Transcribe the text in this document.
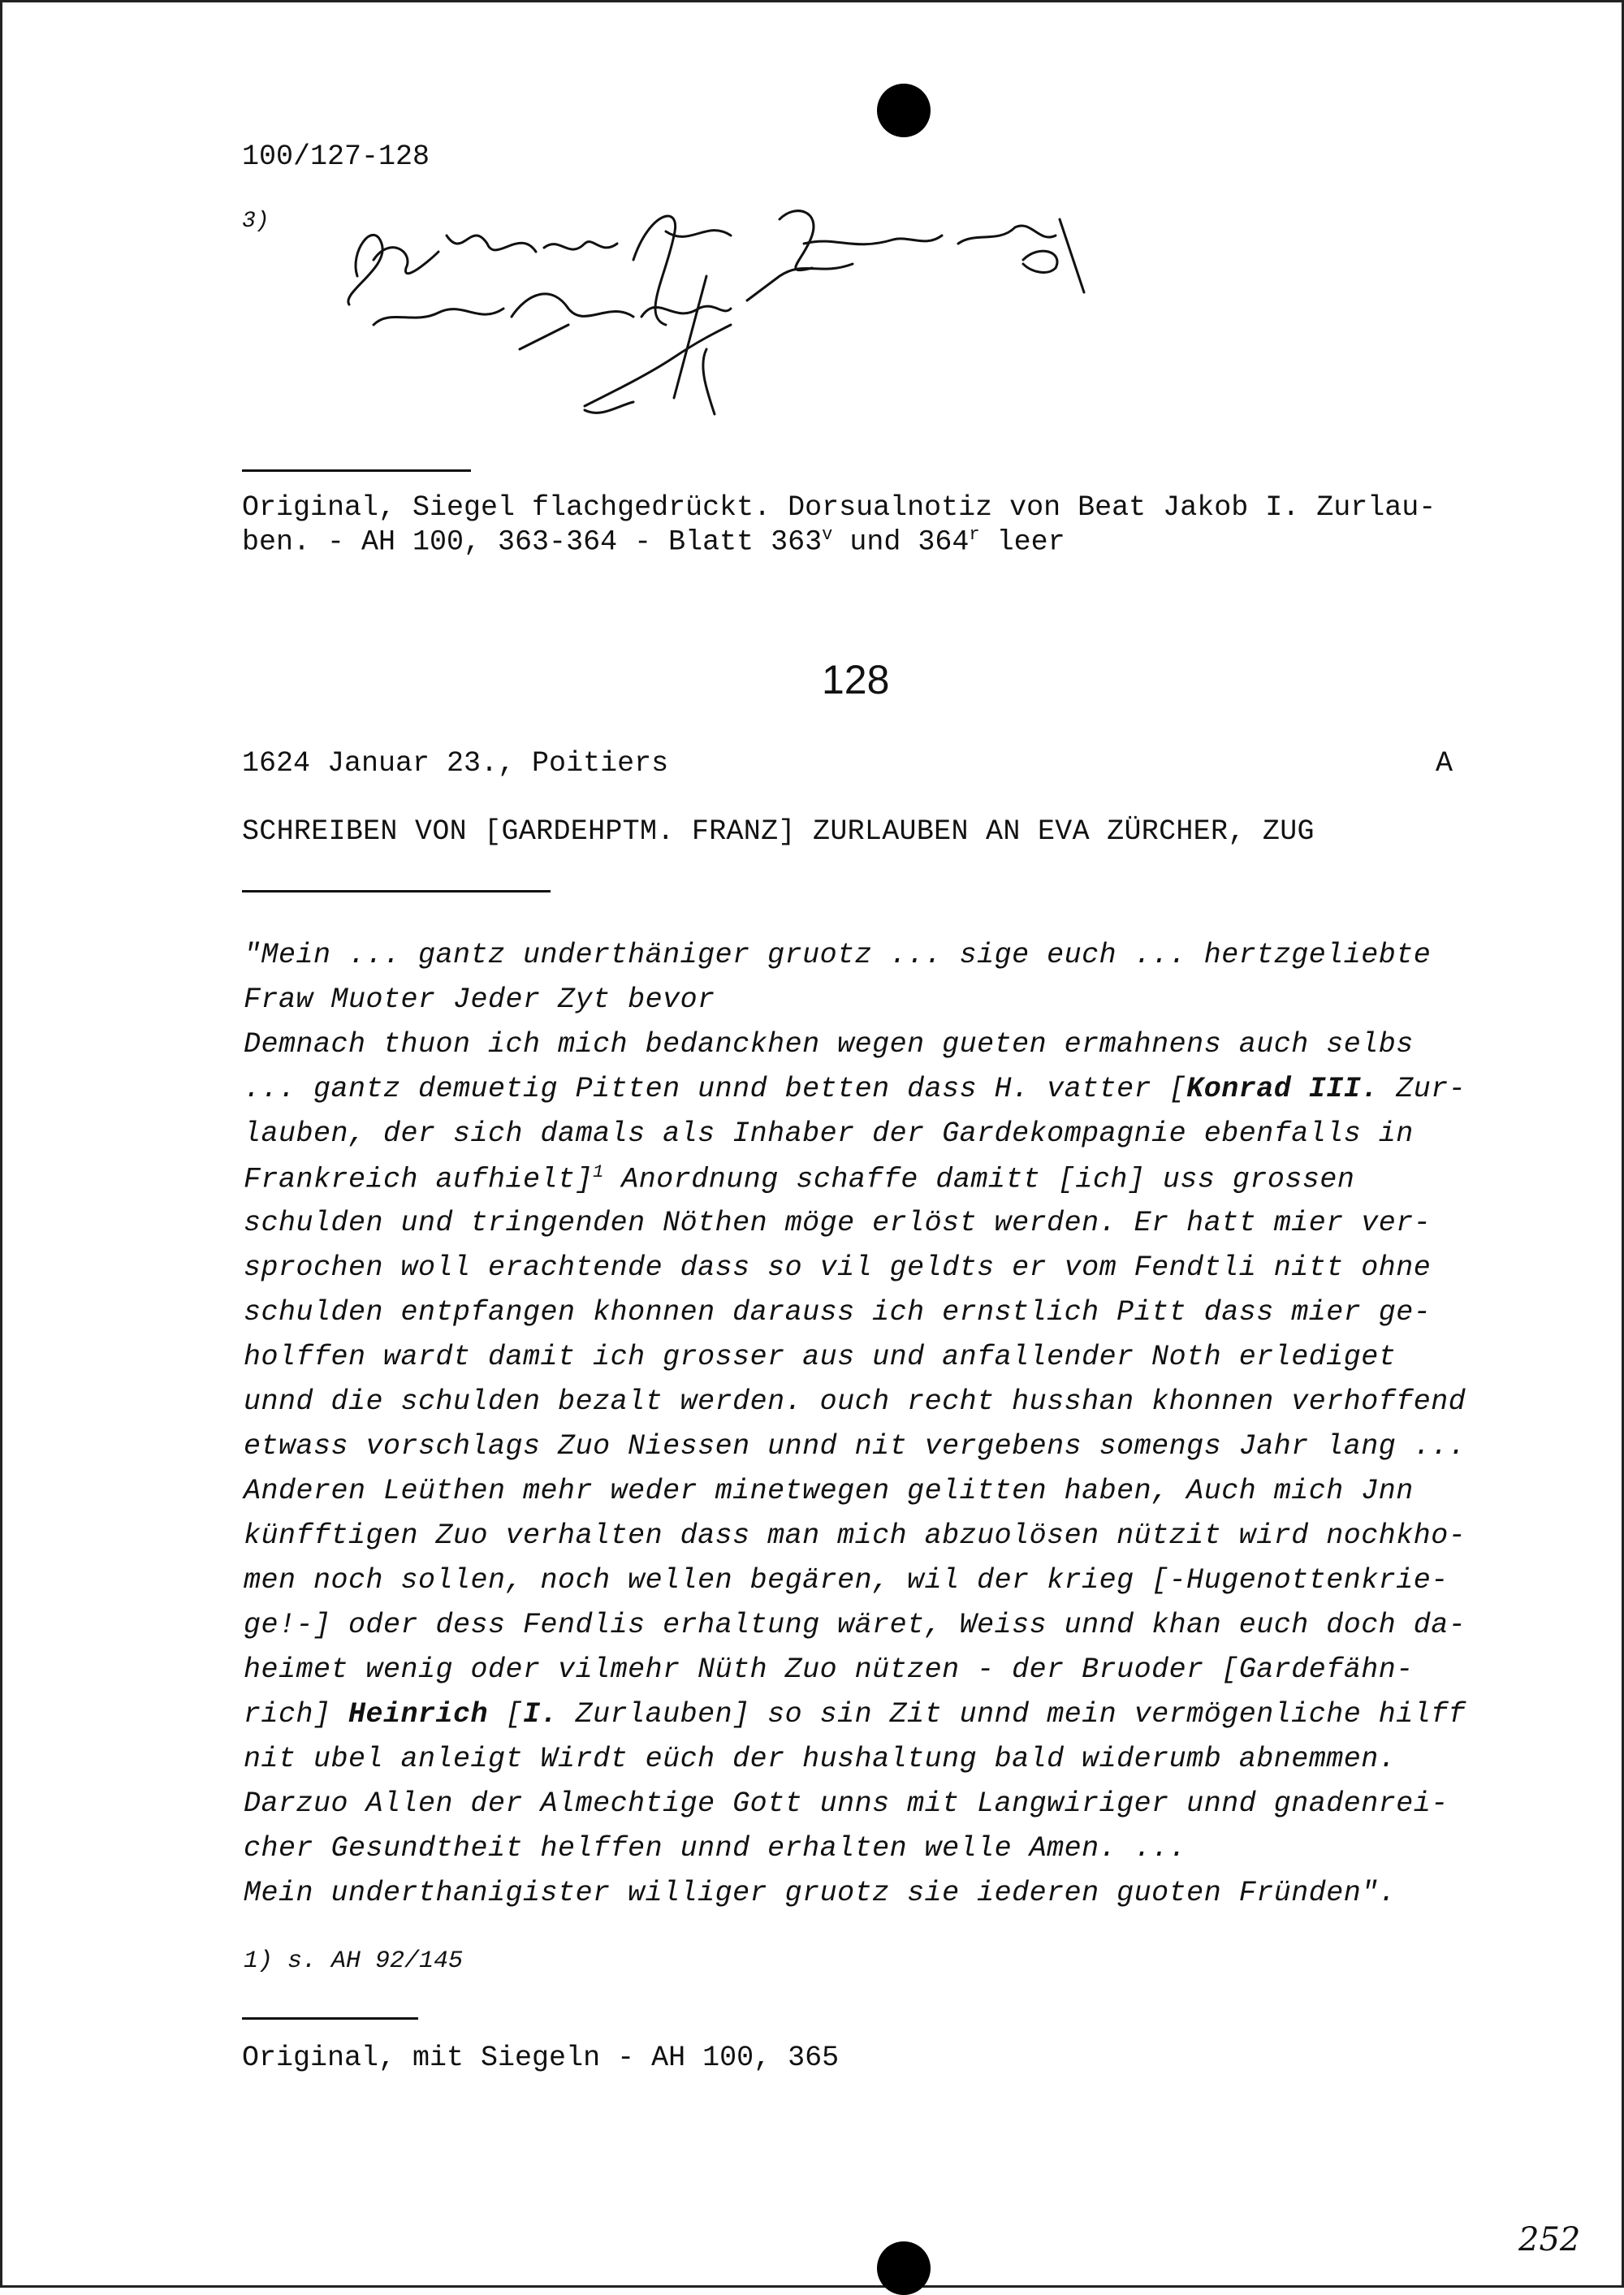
100/127-128
3)
Original, Siegel flachgedrückt. Dorsualnotiz von Beat Jakob I. Zurlau-
ben. - AH 100, 363-364 - Blatt 363$^v$ und 364$^r$ leer
128
1624 Januar 23., Poitiers	A
SCHREIBEN VON [GARDEHPTM. FRANZ] ZURLAUBEN AN EVA ZÜRCHER, ZUG
"Mein ... gantz underthäniger gruotz ... sige euch ... hertzgeliebte
Fraw Muoter Jeder Zyt bevor
Demnach thuon ich mich bedanckhen wegen gueten ermahnens auch selbs
... gantz demuetig Pitten unnd betten dass H. vatter [Konrad III. Zur-
lauben, der sich damals als Inhaber der Gardekompagnie ebenfalls in
Frankreich aufhielt]$^1$ Anordnung schaffe damitt [ich] uss grossen
schulden und tringenden Nöthen möge erlöst werden. Er hatt mier ver-
sprochen woll erachtende dass so vil geldts er vom Fendtli nitt ohne
schulden entpfangen khonnen darauss ich ernstlich Pitt dass mier ge-
holffen wardt damit ich grosser aus und anfallender Noth erlediget
unnd die schulden bezalt werden. ouch recht husshan khonnen verhoffend
etwass vorschlags Zuo Niessen unnd nit vergebens somengs Jahr lang ...
Anderen Leüthen mehr weder minetwegen gelitten haben, Auch mich Jnn
künfftigen Zuo verhalten dass man mich abzuolösen nützit wird nochkho-
men noch sollen, noch wellen begären, wil der krieg [-Hugenottenkrie-
ge!-] oder dess Fendlis erhaltung wäret, Weiss unnd khan euch doch da-
heimet wenig oder vilmehr Nüth Zuo nützen - der Bruoder [Gardefähn-
rich] Heinrich [I. Zurlauben] so sin Zit unnd mein vermögenliche hilff
nit ubel anleigt Wirdt eüch der hushaltung bald widerumb abnemmen.
Darzuo Allen der Almechtige Gott unns mit Langwiriger unnd gnadenrei-
cher Gesundtheit helffen unnd erhalten welle Amen. ...
Mein underthanigister williger gruotz sie iederen guoten Fründen".
1) s. AH 92/145
Original, mit Siegeln - AH 100, 365
252
